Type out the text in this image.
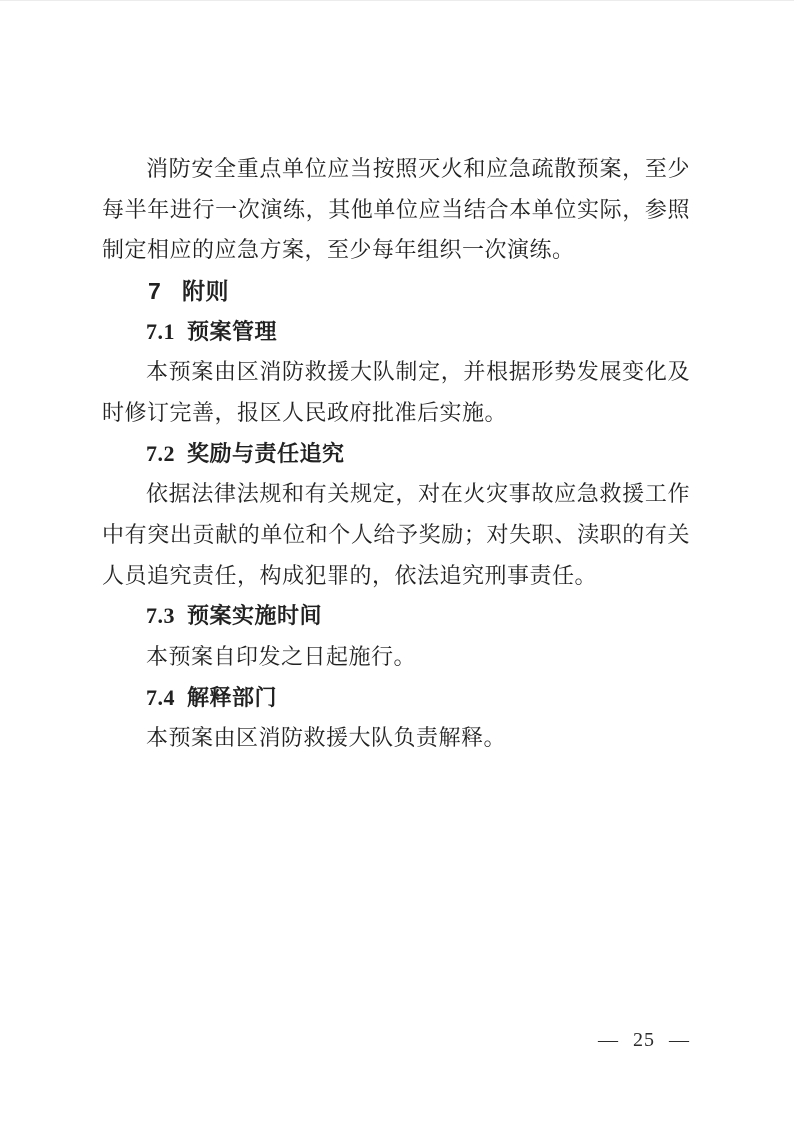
消防安全重点单位应当按照灭火和应急疏散预案，至少
每半年进行一次演练，其他单位应当结合本单位实际，参照
制定相应的应急方案，至少每年组织一次演练。
7   附则
7.1  预案管理
本预案由区消防救援大队制定，并根据形势发展变化及
时修订完善，报区人民政府批准后实施。
7.2  奖励与责任追究
依据法律法规和有关规定，对在火灾事故应急救援工作
中有突出贡献的单位和个人给予奖励；对失职、渎职的有关
人员追究责任，构成犯罪的，依法追究刑事责任。
7.3  预案实施时间
本预案自印发之日起施行。
7.4  解释部门
本预案由区消防救援大队负责解释。
— 25 —
